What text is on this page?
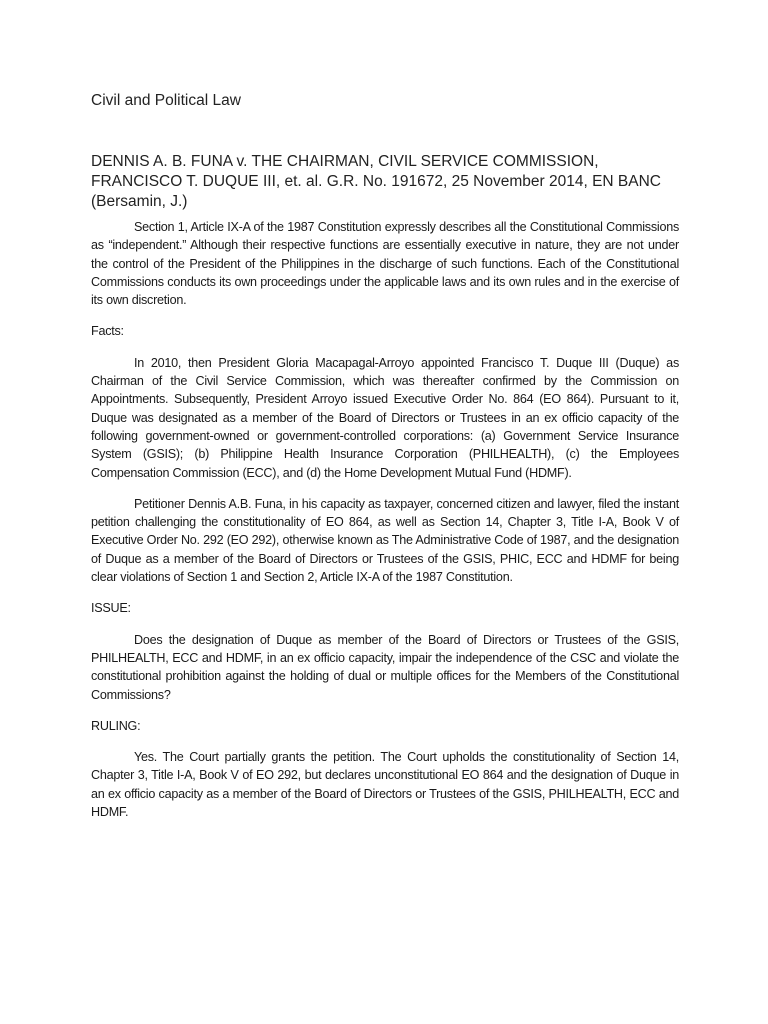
Civil and Political Law
DENNIS A. B. FUNA v. THE CHAIRMAN, CIVIL SERVICE COMMISSION, FRANCISCO T. DUQUE III, et. al. G.R. No. 191672, 25 November 2014, EN BANC (Bersamin, J.)

Section 1, Article IX-A of the 1987 Constitution expressly describes all the Constitutional Commissions as “independent.” Although their respective functions are essentially executive in nature, they are not under the control of the President of the Philippines in the discharge of such functions. Each of the Constitutional Commissions conducts its own proceedings under the applicable laws and its own rules and in the exercise of its own discretion.

Facts:

In 2010, then President Gloria Macapagal-Arroyo appointed Francisco T. Duque III (Duque) as Chairman of the Civil Service Commission, which was thereafter confirmed by the Commission on Appointments. Subsequently, President Arroyo issued Executive Order No. 864 (EO 864). Pursuant to it, Duque was designated as a member of the Board of Directors or Trustees in an ex officio capacity of the following government-owned or government-controlled corporations: (a) Government Service Insurance System (GSIS); (b) Philippine Health Insurance Corporation (PHILHEALTH), (c) the Employees Compensation Commission (ECC), and (d) the Home Development Mutual Fund (HDMF).

Petitioner Dennis A.B. Funa, in his capacity as taxpayer, concerned citizen and lawyer, filed the instant petition challenging the constitutionality of EO 864, as well as Section 14, Chapter 3, Title I-A, Book V of Executive Order No. 292 (EO 292), otherwise known as The Administrative Code of 1987, and the designation of Duque as a member of the Board of Directors or Trustees of the GSIS, PHIC, ECC and HDMF for being clear violations of Section 1 and Section 2, Article IX-A of the 1987 Constitution.

ISSUE:

Does the designation of Duque as member of the Board of Directors or Trustees of the GSIS, PHILHEALTH, ECC and HDMF, in an ex officio capacity, impair the independence of the CSC and violate the constitutional prohibition against the holding of dual or multiple offices for the Members of the Constitutional Commissions?

RULING:

Yes. The Court partially grants the petition. The Court upholds the constitutionality of Section 14, Chapter 3, Title I-A, Book V of EO 292, but declares unconstitutional EO 864 and the designation of Duque in an ex officio capacity as a member of the Board of Directors or Trustees of the GSIS, PHILHEALTH, ECC and HDMF.
